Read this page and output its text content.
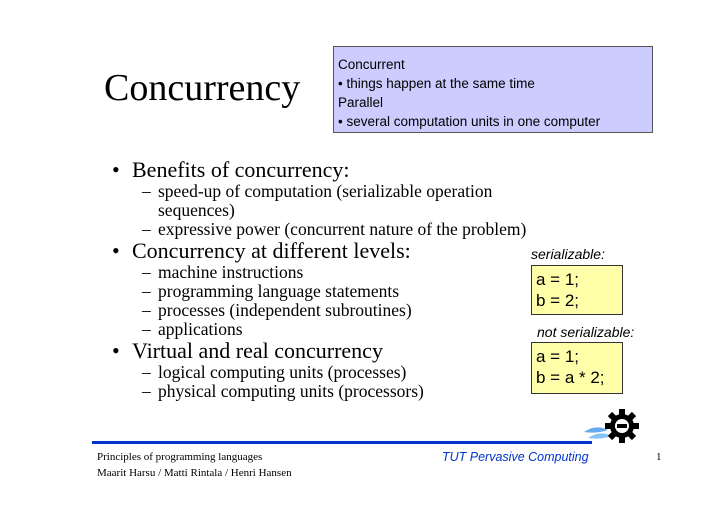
Concurrency
Concurrent
• things happen at the same time
Parallel
• several computation units in one computer
• Benefits of concurrency:
– speed-up of computation (serializable operation sequences)
– expressive power (concurrent nature of the problem)
• Concurrency at different levels:
– machine instructions
– programming language statements
– processes (independent subroutines)
– applications
• Virtual and real concurrency
– logical computing units (processes)
– physical computing units (processors)
serializable:
a = 1;
b = 2;
not serializable:
a = 1;
b = a * 2;
Principles of programming languages
Maarit Harsu / Matti Rintala / Henri Hansen
TUT Pervasive Computing	1
